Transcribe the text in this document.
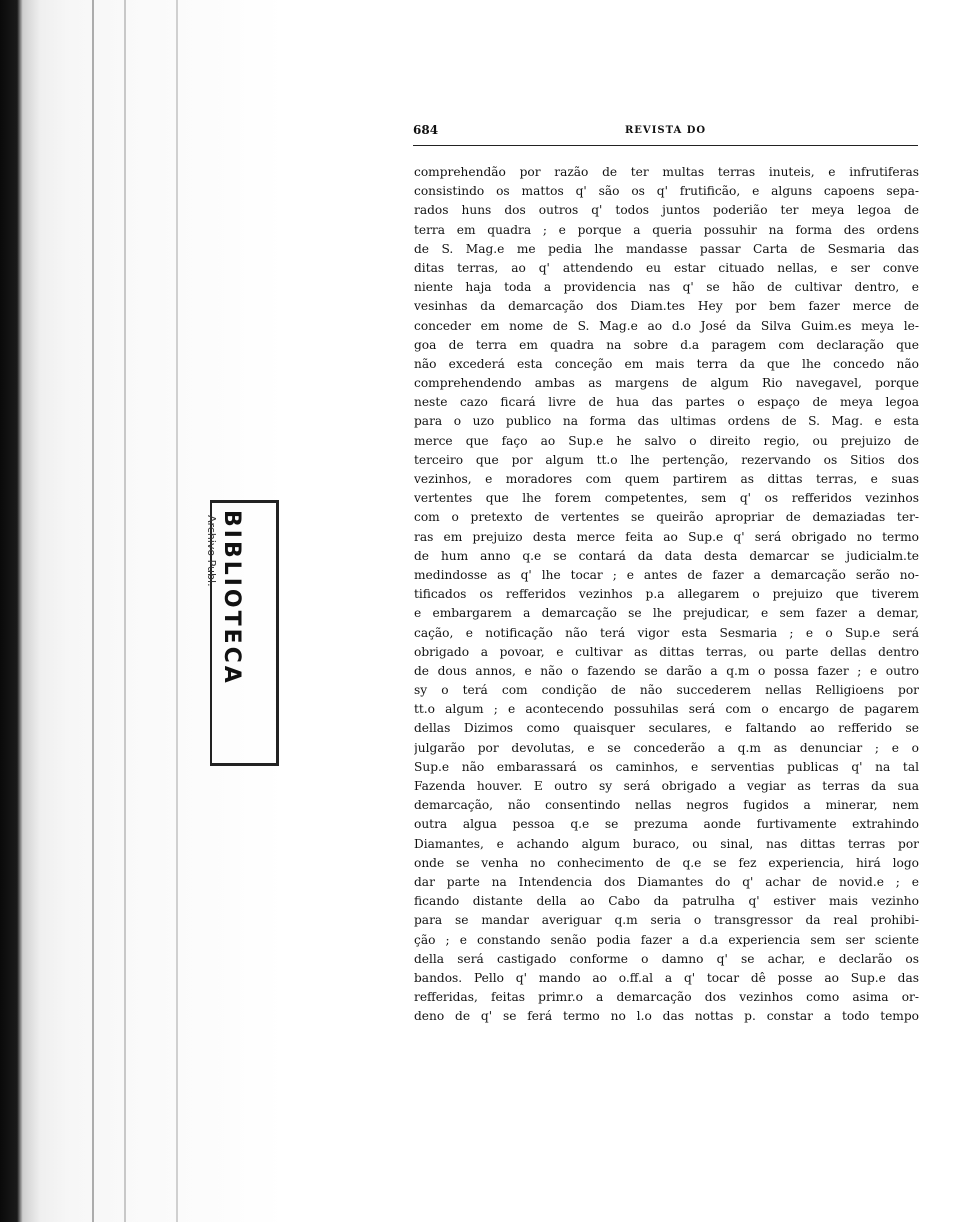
BIBLIOTECA
Archivo Publ.
684	REVISTA DO
comprehendão por razão de ter multas terras inuteis, e infrutiferas
consistindo os mattos q' são os q' frutificão, e alguns capoens sepa-
rados huns dos outros q' todos juntos poderião ter meya legoa de
terra em quadra ; e porque a queria possuhir na forma des ordens
de S. Mag.e me pedia lhe mandasse passar Carta de Sesmaria das
ditas terras, ao q' attendendo eu estar cituado nellas, e ser conve
niente haja toda a providencia nas q' se hão de cultivar dentro, e
vesinhas da demarcação dos Diam.tes Hey por bem fazer merce de
conceder em nome de S. Mag.e ao d.o José da Silva Guim.es meya le-
goa de terra em quadra na sobre d.a paragem com declaração que
não excederá esta conceção em mais terra da que lhe concedo não
comprehendendo ambas as margens de algum Rio navegavel, porque
neste cazo ficará livre de hua das partes o espaço de meya legoa
para o uzo publico na forma das ultimas ordens de S. Mag. e esta
merce que faço ao Sup.e he salvo o direito regio, ou prejuizo de
terceiro que por algum tt.o lhe pertenção, rezervando os Sitios dos
vezinhos, e moradores com quem partirem as dittas terras, e suas
vertentes que lhe forem competentes, sem q' os refferidos vezinhos
com o pretexto de vertentes se queirão apropriar de demaziadas ter-
ras em prejuizo desta merce feita ao Sup.e q' será obrigado no termo
de hum anno q.e se contará da data desta demarcar se judicialm.te
medindosse as q' lhe tocar ; e antes de fazer a demarcação serão no-
tificados os refferidos vezinhos p.a allegarem o prejuizo que tiverem
e embargarem a demarcação se lhe prejudicar, e sem fazer a demar,
cação, e notificação não terá vigor esta Sesmaria ; e o Sup.e será
obrigado a povoar, e cultivar as dittas terras, ou parte dellas dentro
de dous annos, e não o fazendo se darão a q.m o possa fazer ; e outro
sy o terá com condição de não succederem nellas Relligioens por
tt.o algum ; e acontecendo possuhilas será com o encargo de pagarem
dellas Dizimos como quaisquer seculares, e faltando ao refferido se
julgarão por devolutas, e se concederão a q.m as denunciar ; e o
Sup.e não embarassará os caminhos, e serventias publicas q' na tal
Fazenda houver. E outro sy será obrigado a vegiar as terras da sua
demarcação, não consentindo nellas negros fugidos a minerar, nem
outra algua pessoa q.e se prezuma aonde furtivamente extrahindo
Diamantes, e achando algum buraco, ou sinal, nas dittas terras por
onde se venha no conhecimento de q.e se fez experiencia, hirá logo
dar parte na Intendencia dos Diamantes do q' achar de novid.e ; e
ficando distante della ao Cabo da patrulha q' estiver mais vezinho
para se mandar averiguar q.m seria o transgressor da real prohibi-
ção ; e constando senão podia fazer a d.a experiencia sem ser sciente
della será castigado conforme o damno q' se achar, e declarão os
bandos. Pello q' mando ao o.ff.al a q' tocar dê posse ao Sup.e das
refferidas, feitas primr.o a demarcação dos vezinhos como asima or-
deno de q' se ferá termo no l.o das nottas p. constar a todo tempo
